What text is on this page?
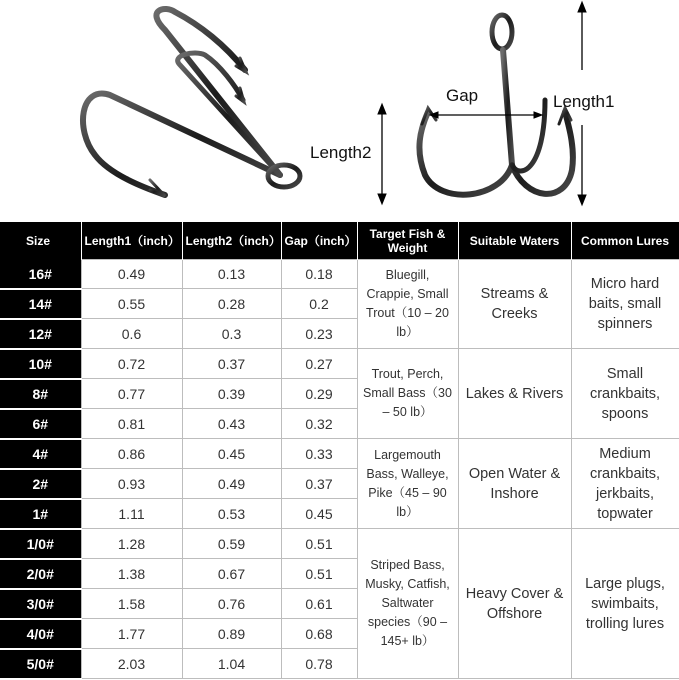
Gap	Length1
Length2
Size	Length1（inch）	Length2（inch）	Gap（inch）	Target Fish & Weight	Suitable Waters	Common Lures
16#	0.49	0.13	0.18	Bluegill, Crappie, Small Trout（10 – 20 lb）	Streams & Creeks	Micro hard baits, small spinners
14#	0.55	0.28	0.2			
12#	0.6	0.3	0.23			
10#	0.72	0.37	0.27	Trout, Perch, Small Bass（30 – 50 lb）	Lakes & Rivers	Small crankbaits, spoons
8#	0.77	0.39	0.29			
6#	0.81	0.43	0.32			
4#	0.86	0.45	0.33	Largemouth Bass, Walleye, Pike（45 – 90 lb）	Open Water & Inshore	Medium crankbaits, jerkbaits, topwater
2#	0.93	0.49	0.37			
1#	1.11	0.53	0.45			
1/0#	1.28	0.59	0.51	Striped Bass, Musky, Catfish, Saltwater species（90 – 145+ lb）	Heavy Cover & Offshore	Large plugs, swimbaits, trolling lures
2/0#	1.38	0.67	0.51			
3/0#	1.58	0.76	0.61			
4/0#	1.77	0.89	0.68			
5/0#	2.03	1.04	0.78			
